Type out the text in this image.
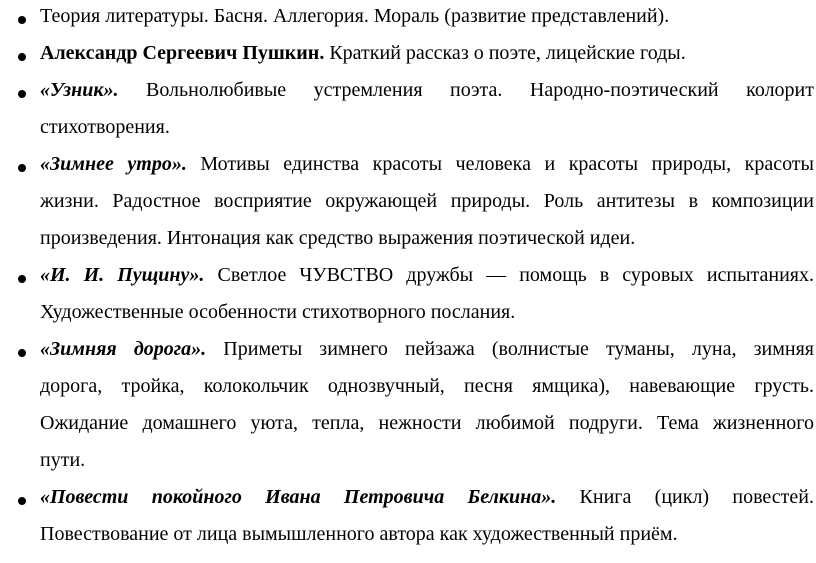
Теория литературы. Басня. Аллегория. Мораль (развитие представлений).
Александр Сергеевич Пушкин. Краткий рассказ о поэте, лицейские годы.
«Узник». Вольнолюбивые устремления поэта. Народно-поэтический колорит
стихотворения.
«Зимнее утро». Мотивы единства красоты человека и красоты природы, красоты
жизни. Радостное восприятие окружающей природы. Роль антитезы в композиции
произведения. Интонация как средство выражения поэтической идеи.
«И. И. Пущину». Светлое ЧУВСТВО дружбы — помощь в суровых испытаниях.
Художественные особенности стихотворного послания.
«Зимняя дорога». Приметы зимнего пейзажа (волнистые туманы, луна, зимняя
дорога, тройка, колокольчик однозвучный, песня ямщика), навевающие грусть.
Ожидание домашнего уюта, тепла, нежности любимой подруги. Тема жизненного
пути.
«Повести покойного Ивана Петровича Белкина». Книга (цикл) повестей.
Повествование от лица вымышленного автора как художественный приём.
